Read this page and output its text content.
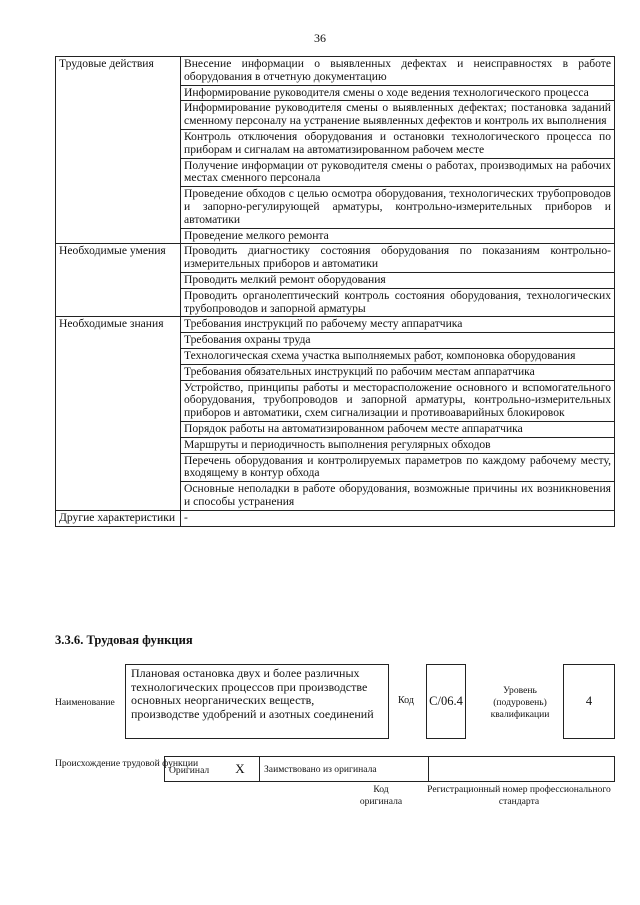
36
Трудовые действия	Внесение информации о выявленных дефектах и неисправностях в работе оборудования в отчетную документацию
	Информирование руководителя смены о ходе ведения технологического процесса
	Информирование руководителя смены о выявленных дефектах; постановка заданий сменному персоналу на устранение выявленных дефектов и контроль их выполнения
	Контроль отключения оборудования и остановки технологического процесса по приборам и сигналам на автоматизированном рабочем месте
	Получение информации от руководителя смены о работах, производимых на рабочих местах сменного персонала
	Проведение обходов с целью осмотра оборудования, технологических трубопроводов и запорно-регулирующей арматуры, контрольно-измерительных приборов и автоматики
	Проведение мелкого ремонта
Необходимые умения	Проводить диагностику состояния оборудования по показаниям контрольно-измерительных приборов и автоматики
	Проводить мелкий ремонт оборудования
	Проводить органолептический контроль состояния оборудования, технологических трубопроводов и запорной арматуры
Необходимые знания	Требования инструкций по рабочему месту аппаратчика
	Требования охраны труда
	Технологическая схема участка выполняемых работ, компоновка оборудования
	Требования обязательных инструкций по рабочим местам аппаратчика
	Устройство, принципы работы и месторасположение основного и вспомогательного оборудования, трубопроводов и запорной арматуры, контрольно-измерительных приборов и автоматики, схем сигнализации и противоаварийных блокировок
	Порядок работы на автоматизированном рабочем месте аппаратчика
	Маршруты и периодичность выполнения регулярных обходов
	Перечень оборудования и контролируемых параметров по каждому рабочему месту, входящему в контур обхода
	Основные неполадки в работе оборудования, возможные причины их возникновения и способы устранения
Другие характеристики	-
3.3.6. Трудовая функция
Наименование
Плановая остановка двух и более различных технологических процессов при производстве основных неорганических веществ, производстве удобрений и азотных соединений
Код C/06.4
Уровень (подуровень) квалификации
4
Происхождение трудовой функции
Оригинал X	Заимствовано из оригинала	
Код оригинала
Регистрационный номер профессионального стандарта
